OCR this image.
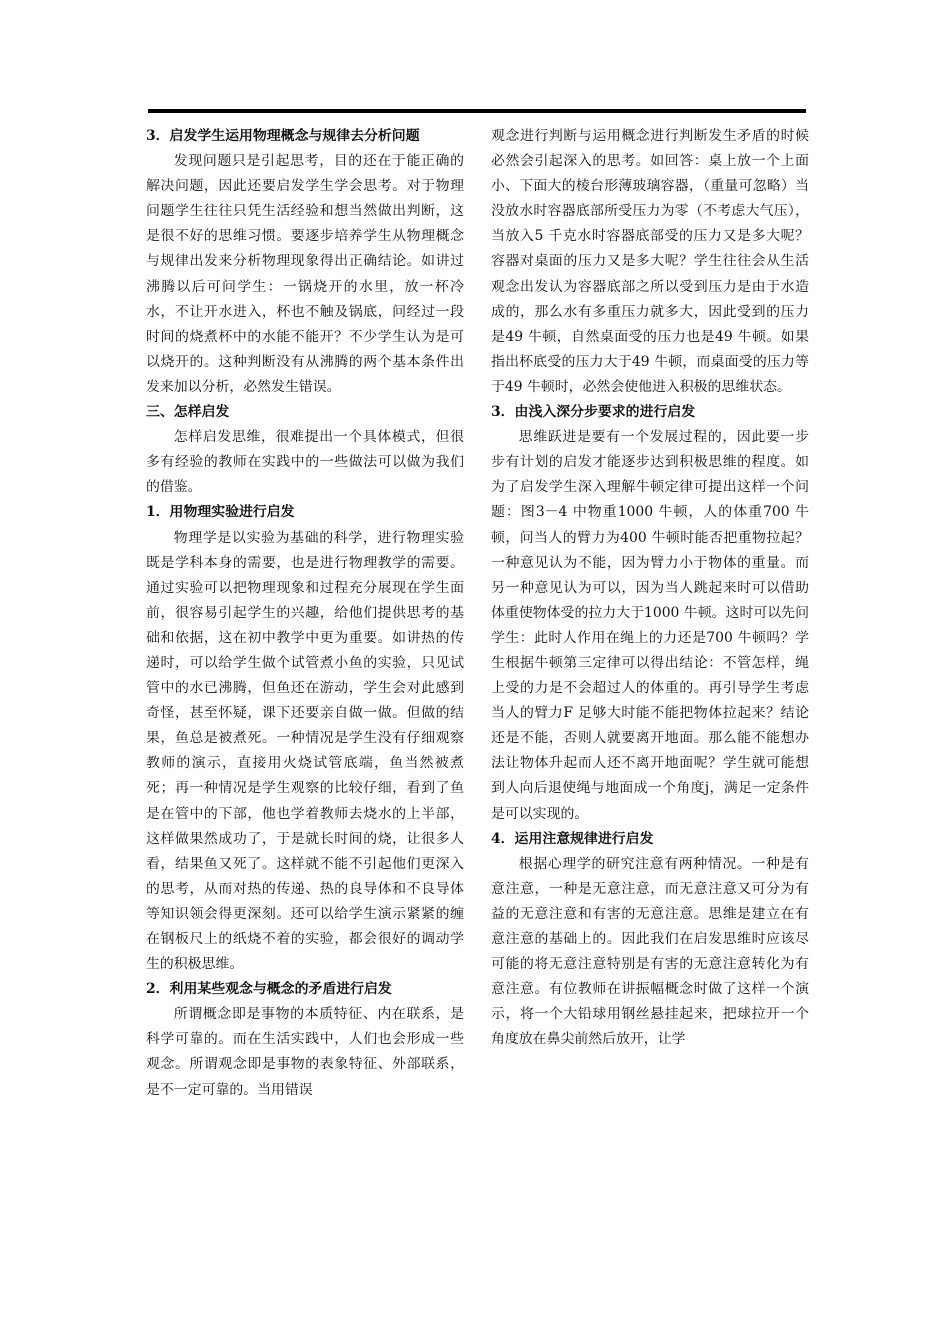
3．启发学生运用物理概念与规律去分析问题

发现问题只是引起思考，目的还在于能正确的解决问题，因此还要启发学生学会思考。对于物理问题学生往往只凭生活经验和想当然做出判断，这是很不好的思维习惯。要逐步培养学生从物理概念与规律出发来分析物理现象得出正确结论。如讲过沸腾以后可问学生：一锅烧开的水里，放一杯冷水，不让开水进入，杯也不触及锅底，问经过一段时间的烧煮杯中的水能不能开？不少学生认为是可以烧开的。这种判断没有从沸腾的两个基本条件出发来加以分析，必然发生错误。

三、怎样启发

怎样启发思维，很难提出一个具体模式，但很多有经验的教师在实践中的一些做法可以做为我们的借鉴。

1．用物理实验进行启发

物理学是以实验为基础的科学，进行物理实验既是学科本身的需要，也是进行物理教学的需要。通过实验可以把物理现象和过程充分展现在学生面前，很容易引起学生的兴趣，给他们提供思考的基础和依据，这在初中教学中更为重要。如讲热的传递时，可以给学生做个试管煮小鱼的实验，只见试管中的水已沸腾，但鱼还在游动，学生会对此感到奇怪，甚至怀疑，课下还要亲自做一做。但做的结果，鱼总是被煮死。一种情况是学生没有仔细观察教师的演示，直接用火烧试管底端，鱼当然被煮死；再一种情况是学生观察的比较仔细，看到了鱼是在管中的下部，他也学着教师去烧水的上半部，这样做果然成功了，于是就长时间的烧，让很多人看，结果鱼又死了。这样就不能不引起他们更深入的思考，从而对热的传递、热的良导体和不良导体等知识领会得更深刻。还可以给学生演示紧紧的缠在钢板尺上的纸烧不着的实验，都会很好的调动学生的积极思维。

2．利用某些观念与概念的矛盾进行启发

所谓概念即是事物的本质特征、内在联系，是科学可靠的。而在生活实践中，人们也会形成一些观念。所谓观念即是事物的表象特征、外部联系，是不一定可靠的。当用错误

观念进行判断与运用概念进行判断发生矛盾的时候必然会引起深入的思考。如回答：桌上放一个上面小、下面大的棱台形薄玻璃容器，（重量可忽略）当没放水时容器底部所受压力为零（不考虑大气压），当放入5 千克水时容器底部受的压力又是多大呢？容器对桌面的压力又是多大呢？学生往往会从生活观念出发认为容器底部之所以受到压力是由于水造成的，那么水有多重压力就多大，因此受到的压力是49 牛顿，自然桌面受的压力也是49 牛顿。如果指出杯底受的压力大于49 牛顿，而桌面受的压力等于49 牛顿时，必然会使他进入积极的思维状态。

3．由浅入深分步要求的进行启发

思维跃进是要有一个发展过程的，因此要一步步有计划的启发才能逐步达到积极思维的程度。如为了启发学生深入理解牛顿定律可提出这样一个问题：图3－4 中物重1000 牛顿，人的体重700 牛顿，问当人的臂力为400 牛顿时能否把重物拉起？一种意见认为不能，因为臂力小于物体的重量。而另一种意见认为可以，因为当人跳起来时可以借助体重使物体受的拉力大于1000 牛顿。这时可以先问学生：此时人作用在绳上的力还是700 牛顿吗？学生根据牛顿第三定律可以得出结论：不管怎样，绳上受的力是不会超过人的体重的。再引导学生考虑当人的臂力F 足够大时能不能把物体拉起来？结论还是不能，否则人就要离开地面。那么能不能想办法让物体升起而人还不离开地面呢？学生就可能想到人向后退使绳与地面成一个角度j，满足一定条件是可以实现的。

4．运用注意规律进行启发

根据心理学的研究注意有两种情况。一种是有意注意，一种是无意注意，而无意注意又可分为有益的无意注意和有害的无意注意。思维是建立在有意注意的基础上的。因此我们在启发思维时应该尽可能的将无意注意特别是有害的无意注意转化为有意注意。有位教师在讲振幅概念时做了这样一个演示，将一个大铅球用钢丝悬挂起来，把球拉开一个角度放在鼻尖前然后放开，让学
